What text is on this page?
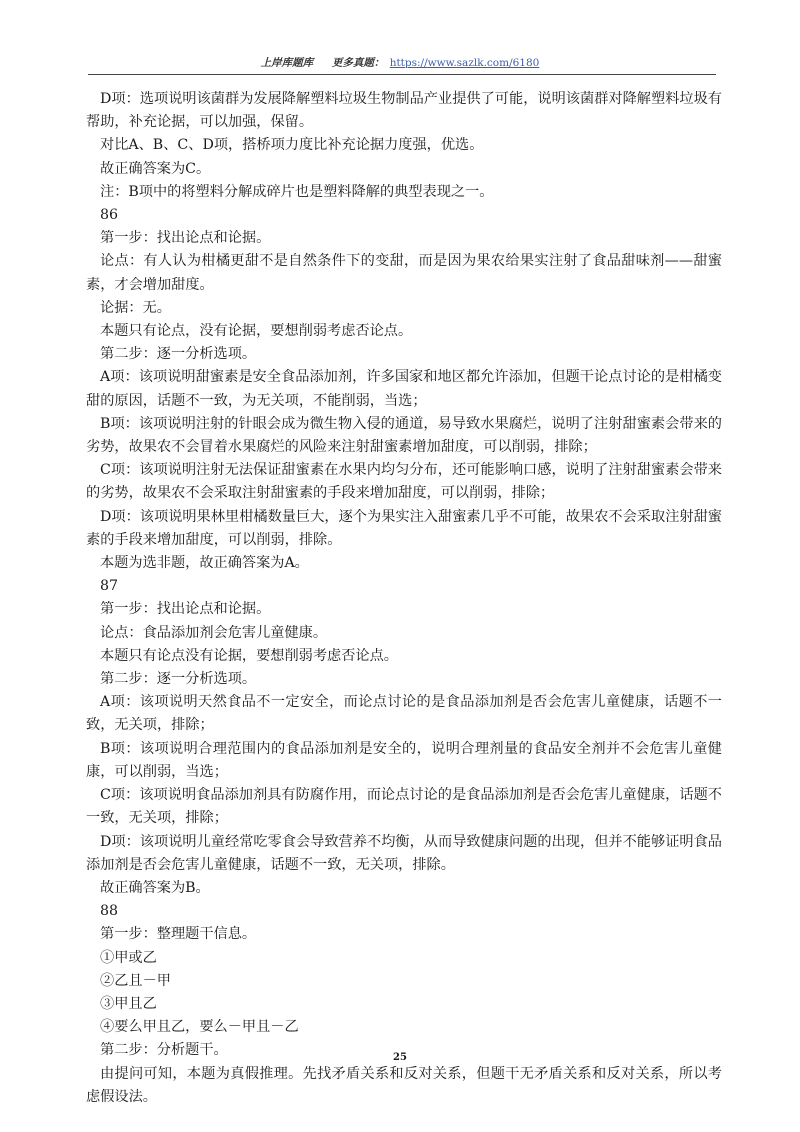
上岸库题库 更多真题： https://www.sazlk.com/6180

D项：选项说明该菌群为发展降解塑料垃圾生物制品产业提供了可能，说明该菌群对降解塑料垃圾有帮助，补充论据，可以加强，保留。

对比A、B、C、D项，搭桥项力度比补充论据力度强，优选。

故正确答案为C。

注：B项中的将塑料分解成碎片也是塑料降解的典型表现之一。

86

第一步：找出论点和论据。

论点：有人认为柑橘更甜不是自然条件下的变甜，而是因为果农给果实注射了食品甜味剂——甜蜜素，才会增加甜度。

论据：无。

本题只有论点，没有论据，要想削弱考虑否论点。

第二步：逐一分析选项。

A项：该项说明甜蜜素是安全食品添加剂，许多国家和地区都允许添加，但题干论点讨论的是柑橘变甜的原因，话题不一致，为无关项，不能削弱，当选；

B项：该项说明注射的针眼会成为微生物入侵的通道，易导致水果腐烂，说明了注射甜蜜素会带来的劣势，故果农不会冒着水果腐烂的风险来注射甜蜜素增加甜度，可以削弱，排除；

C项：该项说明注射无法保证甜蜜素在水果内均匀分布，还可能影响口感，说明了注射甜蜜素会带来的劣势，故果农不会采取注射甜蜜素的手段来增加甜度，可以削弱，排除；

D项：该项说明果林里柑橘数量巨大，逐个为果实注入甜蜜素几乎不可能，故果农不会采取注射甜蜜素的手段来增加甜度，可以削弱，排除。

本题为选非题，故正确答案为A。

87

第一步：找出论点和论据。

论点：食品添加剂会危害儿童健康。

本题只有论点没有论据，要想削弱考虑否论点。

第二步：逐一分析选项。

A项：该项说明天然食品不一定安全，而论点讨论的是食品添加剂是否会危害儿童健康，话题不一致，无关项，排除；

B项：该项说明合理范围内的食品添加剂是安全的，说明合理剂量的食品安全剂并不会危害儿童健康，可以削弱，当选；

C项：该项说明食品添加剂具有防腐作用，而论点讨论的是食品添加剂是否会危害儿童健康，话题不一致，无关项，排除；

D项：该项说明儿童经常吃零食会导致营养不均衡，从而导致健康问题的出现，但并不能够证明食品添加剂是否会危害儿童健康，话题不一致，无关项，排除。

故正确答案为B。

88

第一步：整理题干信息。

①甲或乙

②乙且－甲

③甲且乙

④要么甲且乙，要么－甲且－乙

第二步：分析题干。

由提问可知，本题为真假推理。先找矛盾关系和反对关系，但题干无矛盾关系和反对关系，所以考虑假设法。

25
